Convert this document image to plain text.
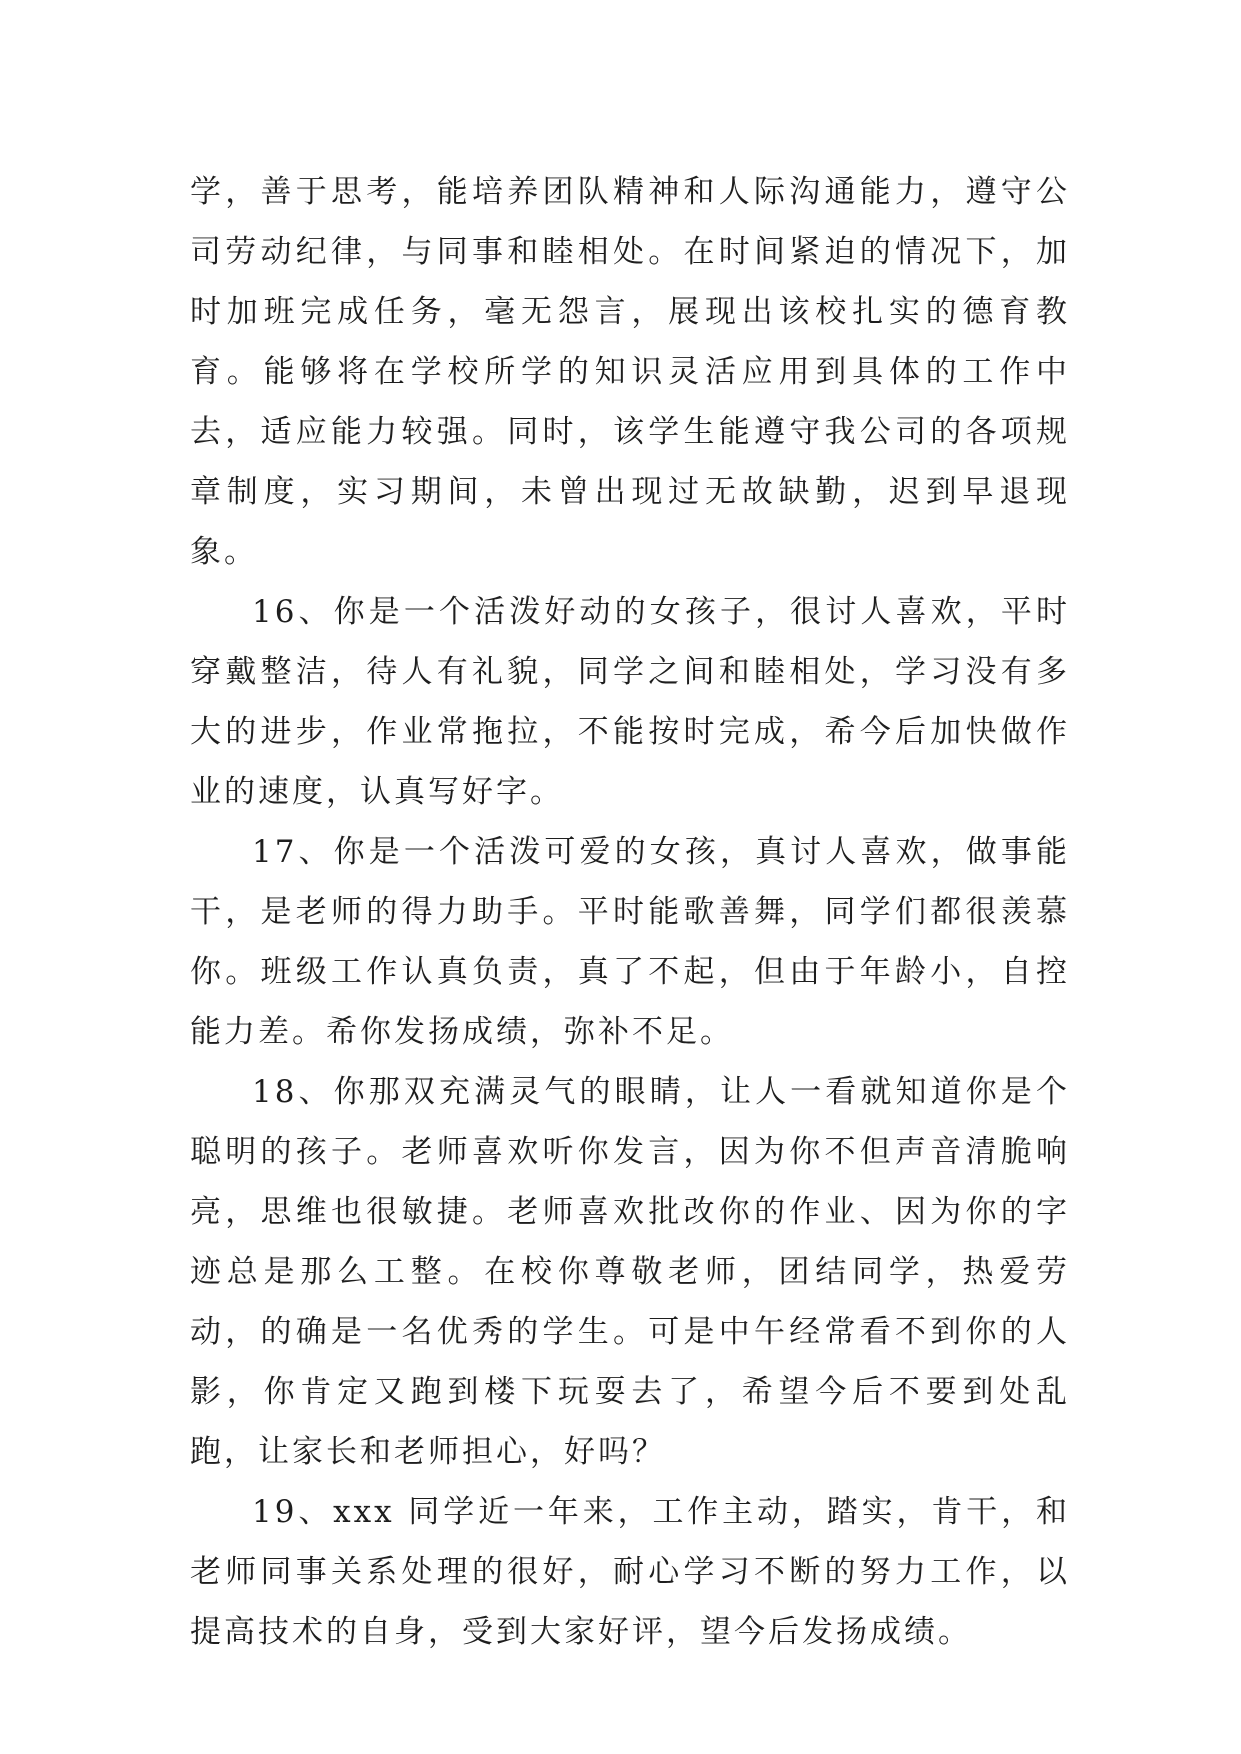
学，善于思考，能培养团队精神和人际沟通能力，遵守公司劳动纪律，与同事和睦相处。在时间紧迫的情况下，加时加班完成任务，毫无怨言，展现出该校扎实的德育教育。能够将在学校所学的知识灵活应用到具体的工作中去，适应能力较强。同时，该学生能遵守我公司的各项规章制度，实习期间，未曾出现过无故缺勤，迟到早退现象。

16、你是一个活泼好动的女孩子，很讨人喜欢，平时穿戴整洁，待人有礼貌，同学之间和睦相处，学习没有多大的进步，作业常拖拉，不能按时完成，希今后加快做作业的速度，认真写好字。

17、你是一个活泼可爱的女孩，真讨人喜欢，做事能干，是老师的得力助手。平时能歌善舞，同学们都很羡慕你。班级工作认真负责，真了不起，但由于年龄小，自控能力差。希你发扬成绩，弥补不足。

18、你那双充满灵气的眼睛，让人一看就知道你是个聪明的孩子。老师喜欢听你发言，因为你不但声音清脆响亮，思维也很敏捷。老师喜欢批改你的作业、因为你的字迹总是那么工整。在校你尊敬老师，团结同学，热爱劳动，的确是一名优秀的学生。可是中午经常看不到你的人影，你肯定又跑到楼下玩耍去了，希望今后不要到处乱跑，让家长和老师担心，好吗？

19、xxx 同学近一年来，工作主动，踏实，肯干，和老师同事关系处理的很好，耐心学习不断的努力工作，以提高技术的自身，受到大家好评，望今后发扬成绩。
